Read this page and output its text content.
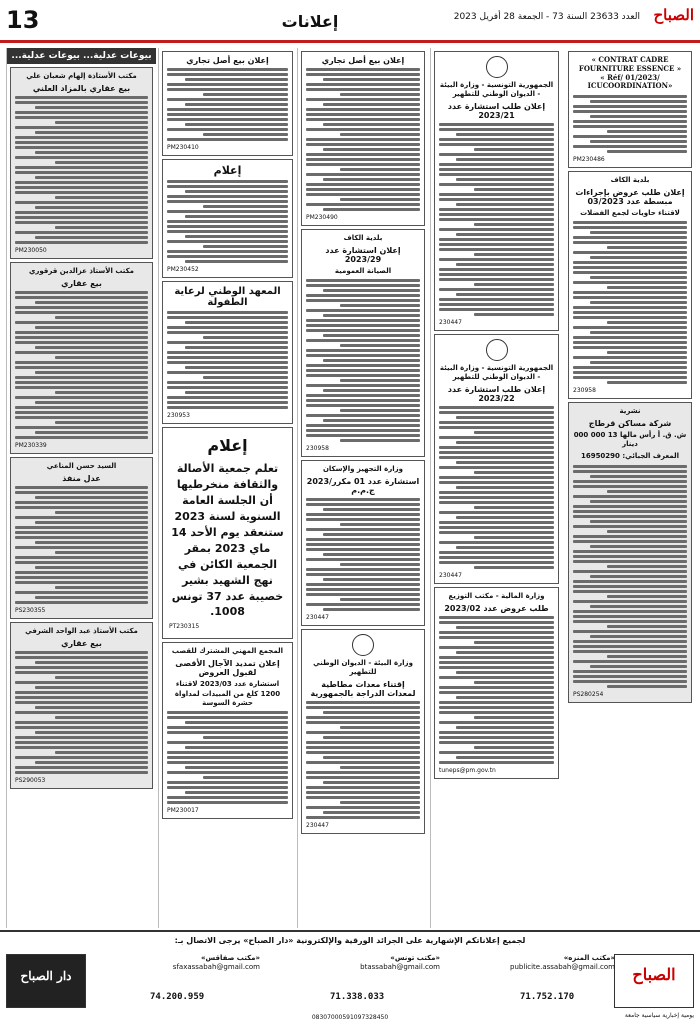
13	إعلانات	العدد 23633 السنة 73 - الجمعة 28 أفريل 2023 الصباح
« CONTRAT CADRE FOURNITURE ESSENCE »
« Réf/ 01/2023/ ICUCOORDINATION»
PM230486
بلدية الكاف
إعلان طلب عروض بإجراءات مبسطة عدد 03/2023
لاقتناء حاويات لجمع الفضلات
230958
نشرية
شركة مساكن قرطاج
ش. ق. أ رأس مالها 13 000 000 دينار
المعرف الجبائي: 16950290
PS280254
الجمهورية التونسية - وزارة البيئة - الديوان الوطني للتطهير
إعلان طلب استشارة عدد 2023/21
230447
الجمهورية التونسية - وزارة البيئة - الديوان الوطني للتطهير
إعلان طلب استشارة عدد 2023/22
230447
وزارة المالية - مكتب التوزيع
طلب عروض عدد 2023/02
tuneps@pm.gov.tn
إعلان بيع أصل تجاري
PM230490
بلدية الكاف
إعلان استشارة عدد 2023/29
الصيانة العمومية
230958
وزارة التجهيز والإسكان
استشارة عدد 01 مكرر/2023 ج.م.م
230447
وزارة البيئة - الديوان الوطني للتطهير
إقتناء معدات مطاطية لمعدات الدراجة بالجمهورية
230447
إعلان بيع أصل تجاري
PM230410
إعلام
PM230452
المعهد الوطني لرعاية الطفولة
230953
إعلام

تعلم جمعية الأصالة والثقافة منخرطيها أن الجلسة العامة السنوية لسنة 2023 ستنعقد يوم الأحد 14 ماي 2023 بمقر الجمعية الكائن في نهج الشهيد بشير خصيبة عدد 37 تونس 1008.

PT230315
المجمع المهني المشترك للقصب
إعلان تمديد الآجال الأقصى لقبول العروض
استشارة عدد 2023/03 لاقتناء 1200 كلغ من المبيدات لمداواة حشرة السوسة
PM230017
بيوعات عدلية... بيوعات عدلية...
مكتب الأستاذة إلهام شعبان علي
بيع عقاري بالمزاد العلني
PM230050
مكتب الأستاذ عزالدين قرقوري
بيع عقاري
PM230339
السيد حسن المناعي
عدل منفذ
PS230355
مكتب الأستاذ عبد الواحد الشرفي
بيع عقاري
PS290053
لجميع إعلاناتكم الإشهارية على الجرائد الورقية والإلكترونية «دار الصباح» يرجى الاتصال بـ:
الصباح
«مكتب المنزه»
publicite.assabah@gmail.com
71.752.170
«مكتب تونس»
btassabah@gmail.com
71.338.033
«مكتب صفاقس»
sfaxassabah@gmail.com
74.200.959
دار الصباح
08307000591097328450	يومية إخبارية سياسية جامعة
